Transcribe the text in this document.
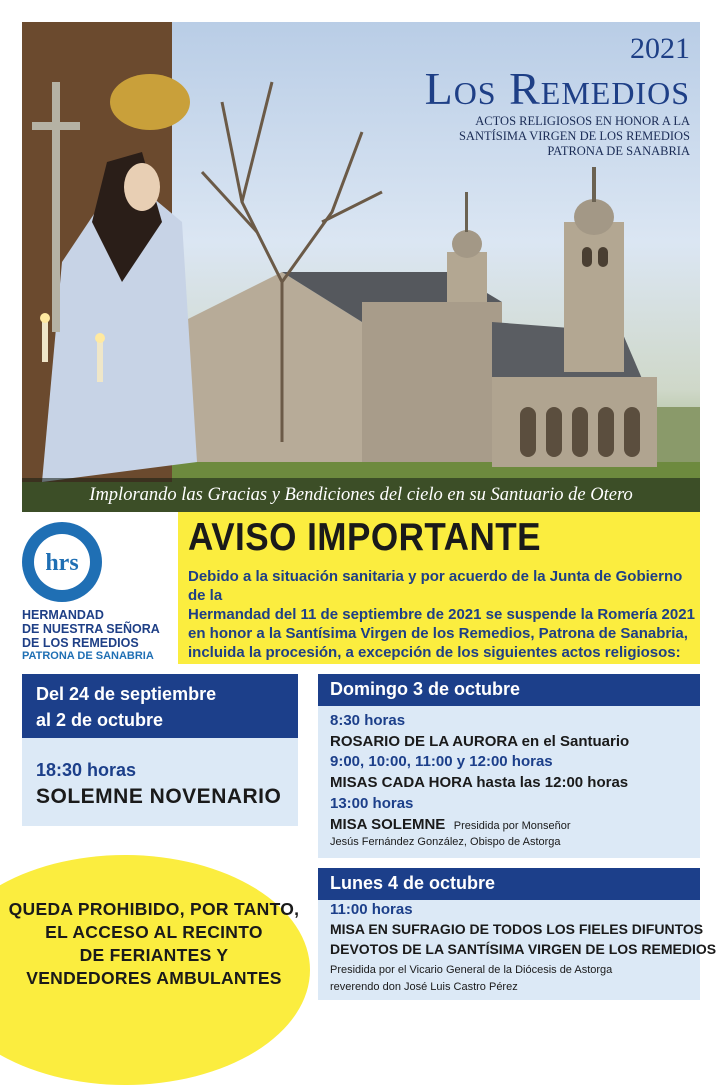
2021
Los Remedios
ACTOS RELIGIOSOS EN HONOR A LA
SANTÍSIMA VIRGEN DE LOS REMEDIOS
PATRONA DE SANABRIA
Implorando las Gracias y Bendiciones del cielo en su Santuario de Otero
hrs
HERMANDAD
DE NUESTRA SEÑORA
DE LOS REMEDIOS
PATRONA DE SANABRIA
AVISO IMPORTANTE
Debido a la situación sanitaria y por acuerdo de la Junta de Gobierno de la
Hermandad del 11 de septiembre de 2021 se suspende la Romería 2021
en honor a la Santísima Virgen de los Remedios, Patrona de Sanabria,
incluida la procesión, a excepción de los siguientes actos religiosos:
Del 24 de septiembre
al 2 de octubre
18:30 horas
SOLEMNE NOVENARIO
Domingo 3 de octubre
8:30 horas
ROSARIO DE LA AURORA en el Santuario
9:00, 10:00, 11:00 y 12:00 horas
MISAS CADA HORA hasta las 12:00 horas
13:00 horas
MISA SOLEMNE Presidida por Monseñor
Jesús Fernández González, Obispo de Astorga
Lunes 4 de octubre
11:00 horas
MISA EN SUFRAGIO DE TODOS LOS FIELES DIFUNTOS
DEVOTOS DE LA SANTÍSIMA VIRGEN DE LOS REMEDIOS
Presidida por el Vicario General de la Diócesis de Astorga
reverendo don José Luis Castro Pérez
QUEDA PROHIBIDO, POR TANTO,
EL ACCESO AL RECINTO
DE FERIANTES Y
VENDEDORES AMBULANTES
